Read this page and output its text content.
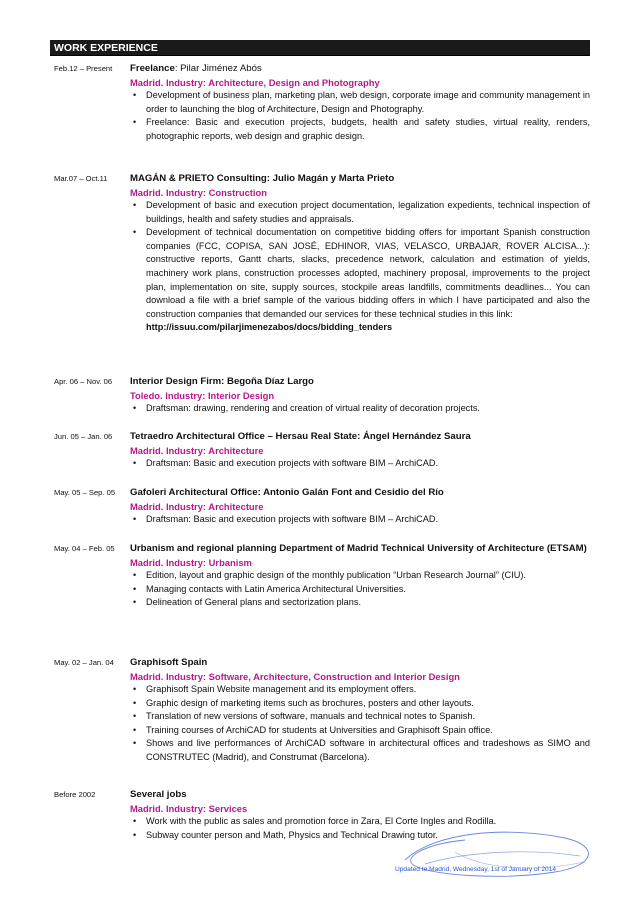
WORK EXPERIENCE
Feb.12 – Present	Freelance: Pilar Jiménez Abós
Madrid. Industry: Architecture, Design and Photography
• Development of business plan, marketing plan, web design, corporate image and community management in order to launching the blog of Architecture, Design and Photography.
• Freelance: Basic and execution projects, budgets, health and safety studies, virtual reality, renders, photographic reports, web design and graphic design.
Mar.07 – Oct.11	MAGÁN & PRIETO Consulting: Julio Magán y Marta Prieto
Madrid. Industry: Construction
• Development of basic and execution project documentation, legalization expedients, technical inspection of buildings, health and safety studies and appraisals.
• Development of technical documentation on competitive bidding offers for important Spanish construction companies (FCC, COPISA, SAN JOSÉ, EDHINOR, VIAS, VELASCO, URBAJAR, ROVER ALCISA...): constructive reports, Gantt charts, slacks, precedence network, calculation and estimation of yields, machinery work plans, construction processes adopted, machinery proposal, improvements to the project plan, implementation on site, supply sources, stockpile areas landfills, commitments deadlines... You can download a file with a brief sample of the various bidding offers in which I have participated and also the construction companies that demanded our services for these technical studies in this link:
http://issuu.com/pilarjimenezabos/docs/bidding_tenders
Apr. 06 – Nov. 06	Interior Design Firm: Begoña Díaz Largo
Toledo. Industry: Interior Design
• Draftsman: drawing, rendering and creation of virtual reality of decoration projects.
Jun. 05 – Jan. 06	Tetraedro Architectural Office – Hersau Real State: Ángel Hernández Saura
Madrid. Industry: Architecture
• Draftsman: Basic and execution projects with software BIM – ArchiCAD.
May. 05 – Sep. 05	Gafoleri Architectural Office: Antonio Galán Font and Cesidio del Río
Madrid. Industry: Architecture
• Draftsman: Basic and execution projects with software BIM – ArchiCAD.
May. 04 – Feb. 05	Urbanism and regional planning Department of Madrid Technical University of Architecture (ETSAM)
Madrid. Industry: Urbanism
• Edition, layout and graphic design of the monthly publication “Urban Research Journal” (CIU).
• Managing contacts with Latin America Architectural Universities.
• Delineation of General plans and sectorization plans.
May. 02 – Jan. 04	Graphisoft Spain
Madrid. Industry: Software, Architecture, Construction and Interior Design
• Graphisoft Spain Website management and its employment offers.
• Graphic design of marketing items such as brochures, posters and other layouts.
• Translation of new versions of software, manuals and technical notes to Spanish.
• Training courses of ArchiCAD for students at Universities and Graphisoft Spain office.
• Shows and live performances of ArchiCAD software in architectural offices and tradeshows as SIMO and CONSTRUTEC (Madrid), and Construmat (Barcelona).
Before 2002	Several jobs
Madrid. Industry: Services
• Work with the public as sales and promotion force in Zara, El Corte Ingles and Rodilla.
• Subway counter person and Math, Physics and Technical Drawing tutor.
Updated to Madrid, Wednesday, 1st of January of 2014
